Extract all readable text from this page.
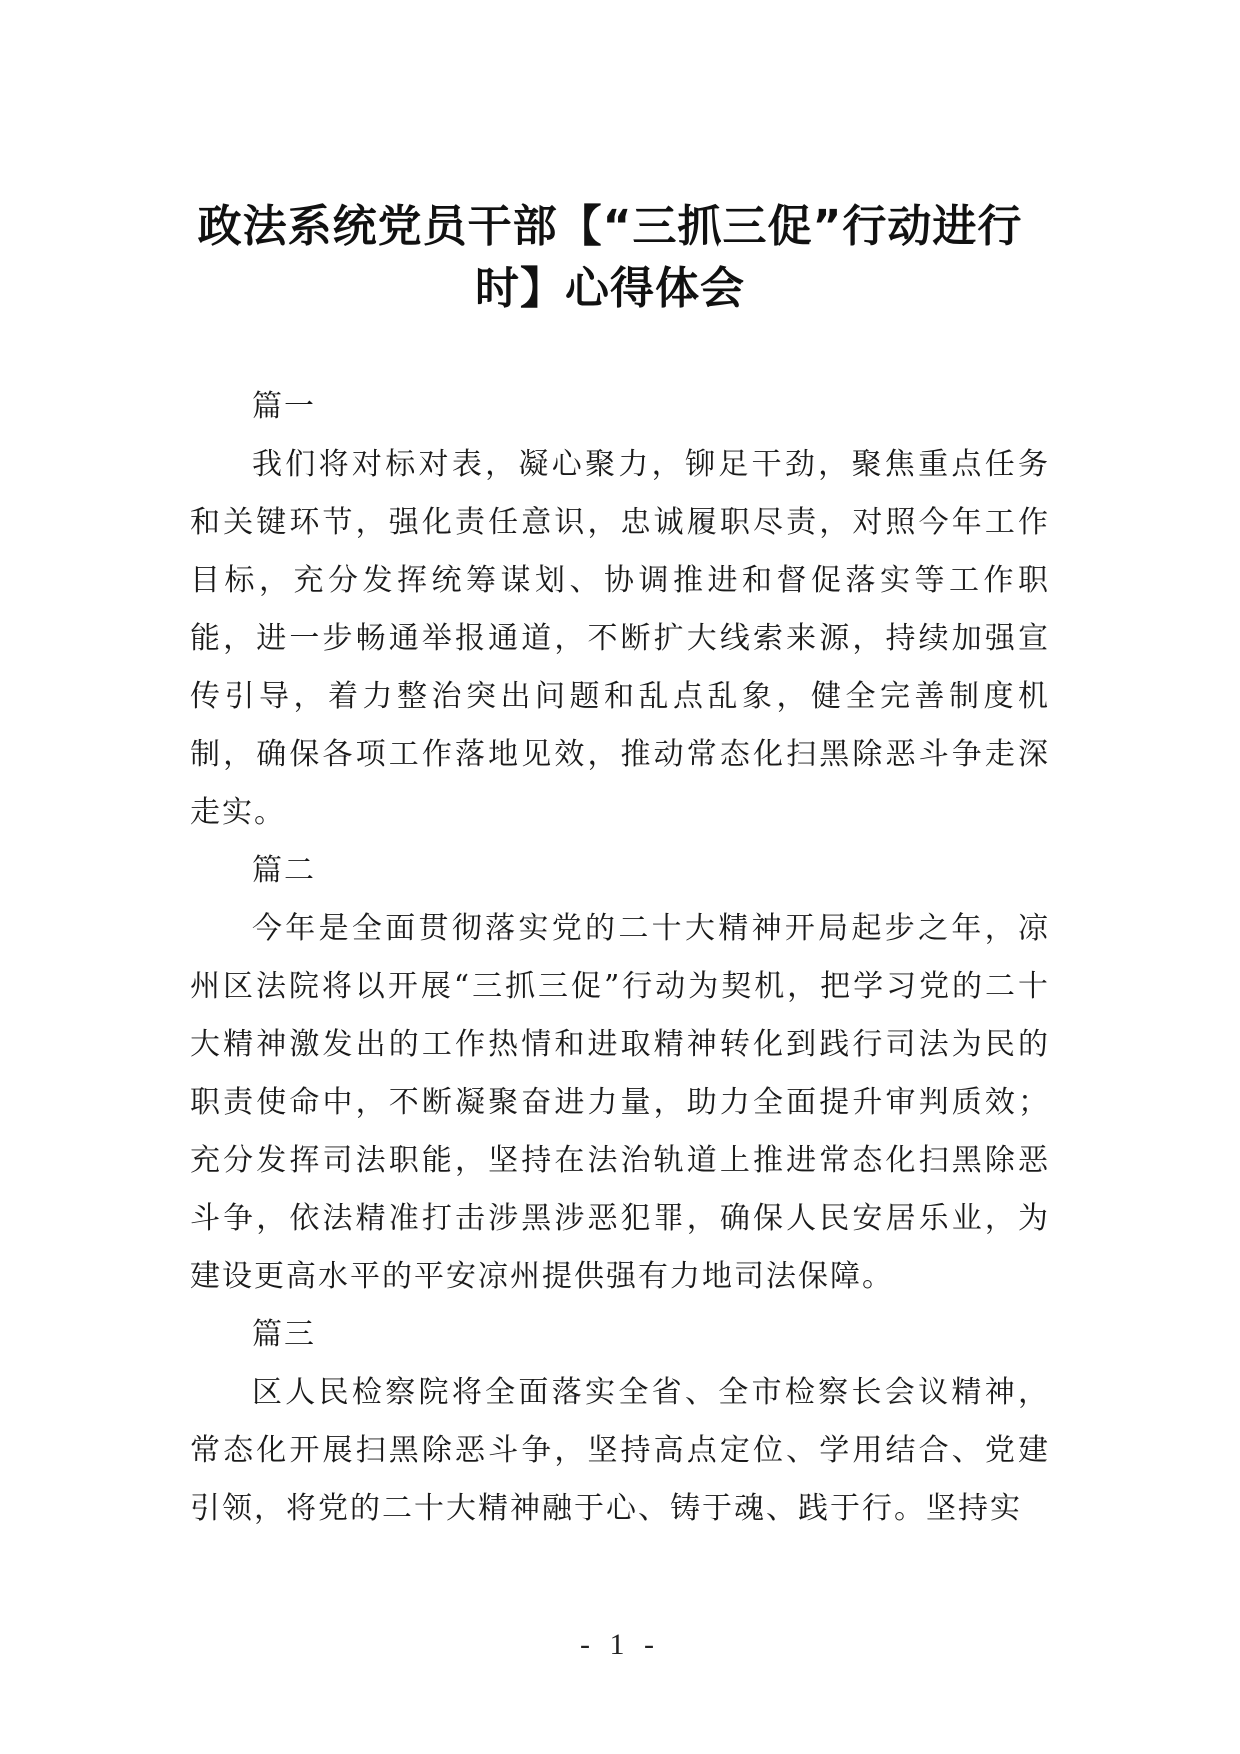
政法系统党员干部【“三抓三促”行动进行
时】心得体会

篇一

我们将对标对表，凝心聚力，铆足干劲，聚焦重点任务和关键环节，强化责任意识，忠诚履职尽责，对照今年工作目标，充分发挥统筹谋划、协调推进和督促落实等工作职能，进一步畅通举报通道，不断扩大线索来源，持续加强宣传引导，着力整治突出问题和乱点乱象，健全完善制度机制，确保各项工作落地见效，推动常态化扫黑除恶斗争走深走实。

篇二

今年是全面贯彻落实党的二十大精神开局起步之年，凉州区法院将以开展“三抓三促”行动为契机，把学习党的二十大精神激发出的工作热情和进取精神转化到践行司法为民的职责使命中，不断凝聚奋进力量，助力全面提升审判质效；充分发挥司法职能，坚持在法治轨道上推进常态化扫黑除恶斗争，依法精准打击涉黑涉恶犯罪，确保人民安居乐业，为建设更高水平的平安凉州提供强有力地司法保障。

篇三

区人民检察院将全面落实全省、全市检察长会议精神，常态化开展扫黑除恶斗争，坚持高点定位、学用结合、党建引领，将党的二十大精神融于心、铸于魂、践于行。坚持实

- 1 -
